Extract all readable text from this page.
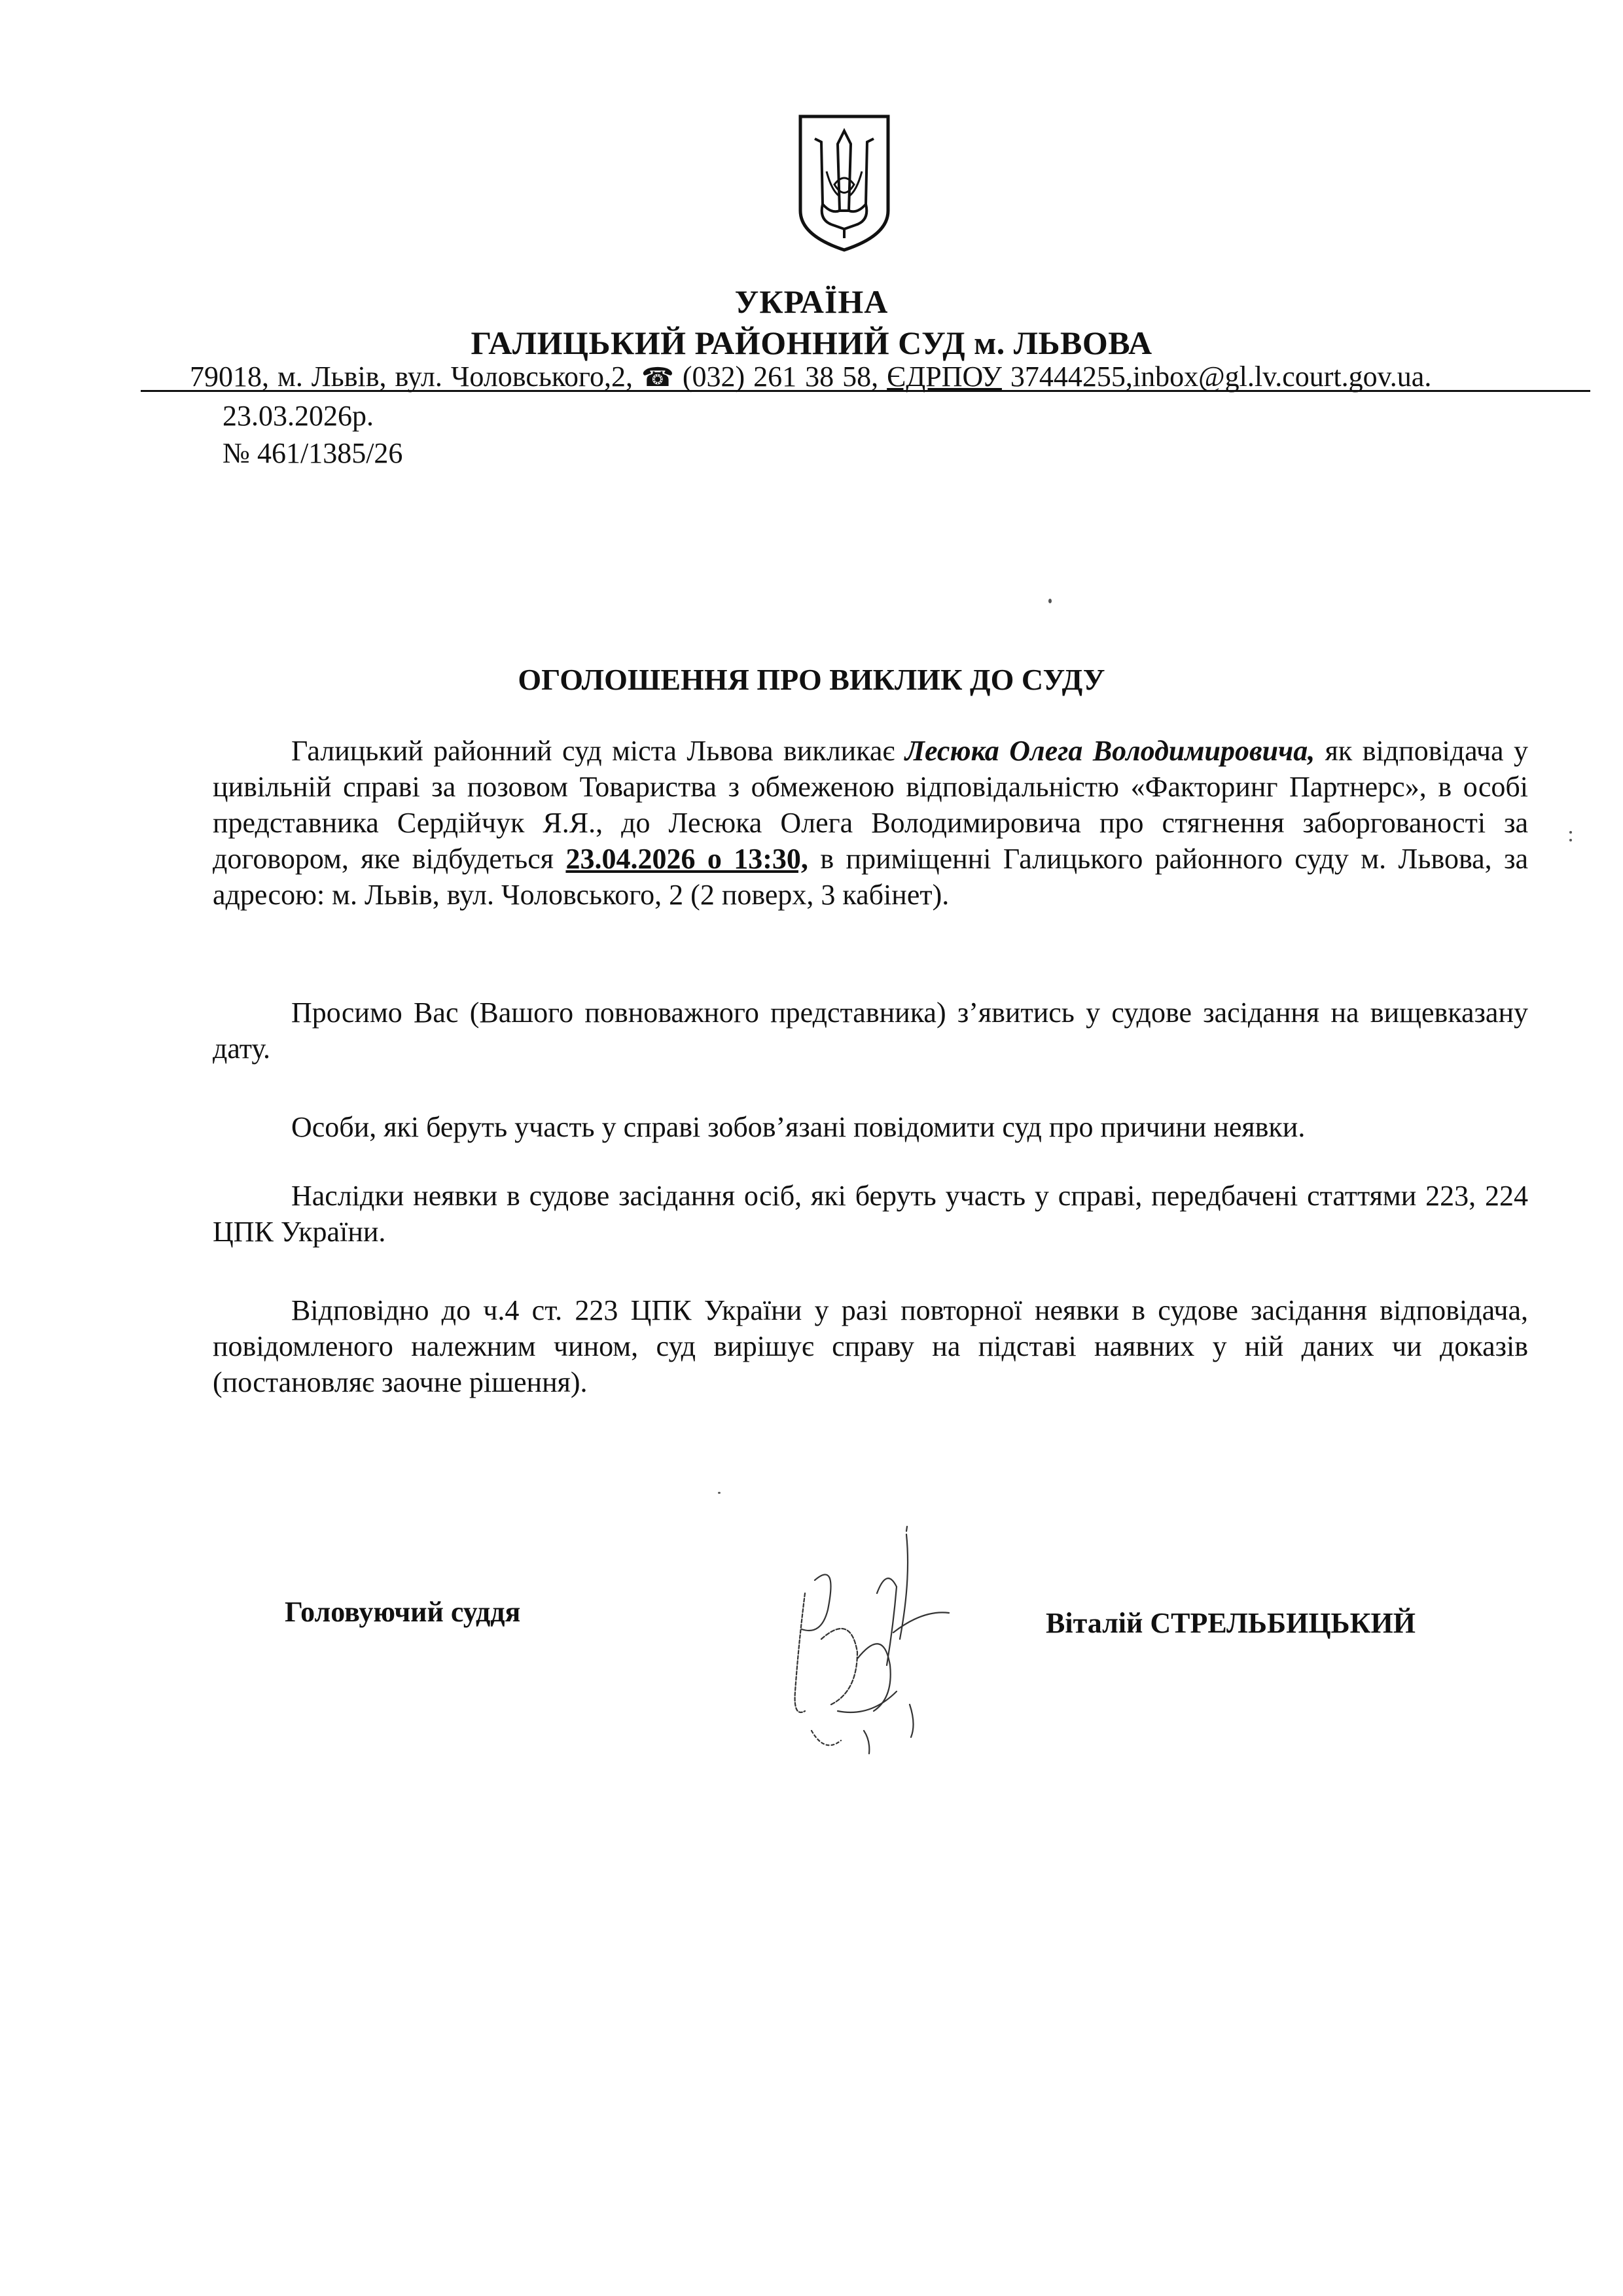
УКРАЇНА
ГАЛИЦЬКИЙ РАЙОННИЙ СУД м. ЛЬВОВА
79018, м. Львів, вул. Чоловського,2, ☎ (032) 261 38 58, ЄДРПОУ 37444255,inbox@gl.lv.court.gov.ua.
23.03.2026р.
№ 461/1385/26
ОГОЛОШЕННЯ ПРО ВИКЛИК ДО СУДУ

Галицький районний суд міста Львова викликає Лесюка Олега Володимировича, як відповідача у цивільній справі за позовом Товариства з обмеженою відповідальністю «Факторинг Партнерс», в особі представника Сердійчук Я.Я., до Лесюка Олега Володимировича про стягнення заборгованості за договором, яке відбудеться 23.04.2026 о 13:30, в приміщенні Галицького районного суду м. Львова, за адресою: м. Львів, вул. Чоловського, 2 (2 поверх, 3 кабінет).

Просимо Вас (Вашого повноважного представника) з’явитись у судове засідання на вищевказану дату.

Особи, які беруть участь у справі зобов’язані повідомити суд про причини неявки.

Наслідки неявки в судове засідання осіб, які беруть участь у справі, передбачені статтями 223, 224 ЦПК України.

Відповідно до ч.4 ст. 223 ЦПК України у разі повторної неявки в судове засідання відповідача, повідомленого належним чином, суд вирішує справу на підставі наявних у ній даних чи доказів (постановляє заочне рішення).

Головуючий суддя	Віталій СТРЕЛЬБИЦЬКИЙ
